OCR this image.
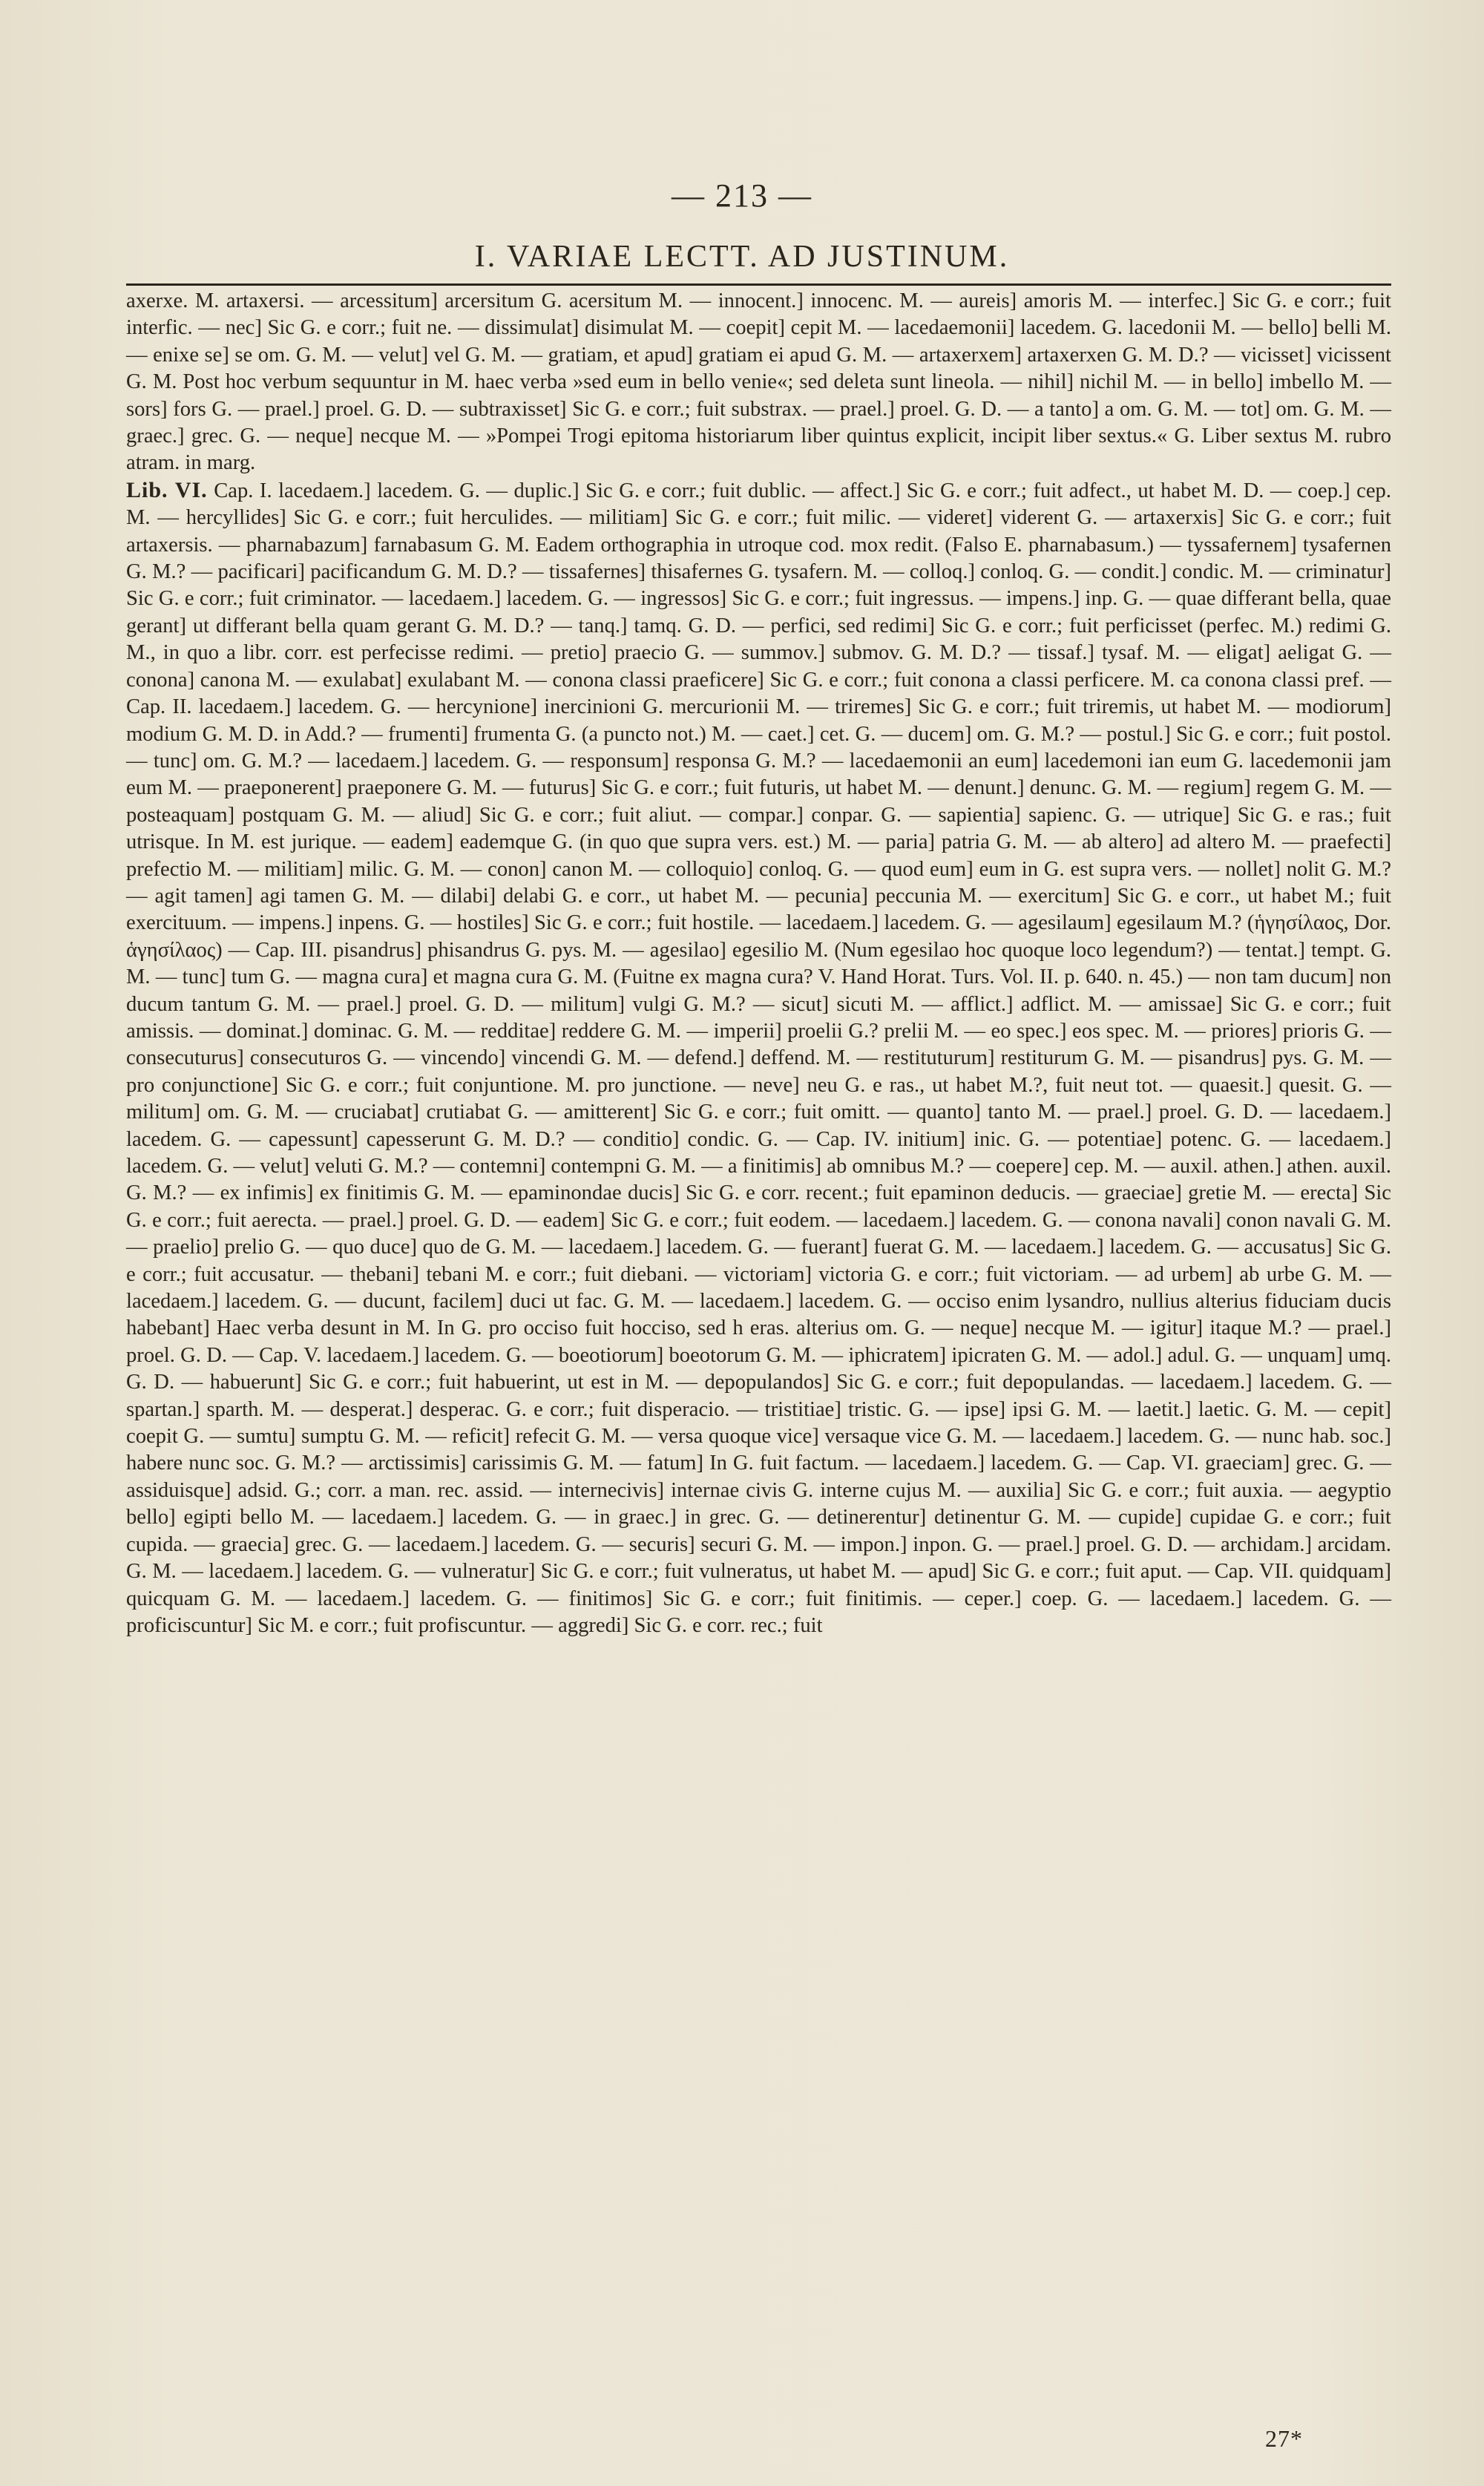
— 213 —
I. VARIAE LECTT. AD JUSTINUM.

axerxe. M. artaxersi. — arcessitum] arcersitum G. acersitum M. — innocent.] innocenc. M. — aureis] amoris M. — interfec.] Sic G. e corr.; fuit interfic. — nec] Sic G. e corr.; fuit ne. — dissimulat] disimulat M. — coepit] cepit M. — lacedaemonii] lacedem. G. lacedonii M. — bello] belli M. — enixe se] se om. G. M. — velut] vel G. M. — gratiam, et apud] gratiam ei apud G. M. — artaxerxem] artaxerxen G. M. D.? — vicisset] vicissent G. M. Post hoc verbum sequuntur in M. haec verba »sed eum in bello venie«; sed deleta sunt lineola. — nihil] nichil M. — in bello] imbello M. — sors] fors G. — prael.] proel. G. D. — subtraxisset] Sic G. e corr.; fuit substrax. — prael.] proel. G. D. — a tanto] a om. G. M. — tot] om. G. M. — graec.] grec. G. — neque] necque M. — »Pompei Trogi epitoma historiarum liber quintus explicit, incipit liber sextus.« G. Liber sextus M. rubro atram. in marg.

Lib. VI. Cap. I. lacedaem.] lacedem. G. — duplic.] Sic G. e corr.; fuit dublic. — affect.] Sic G. e corr.; fuit adfect., ut habet M. D. — coep.] cep. M. — hercyllides] Sic G. e corr.; fuit herculides. — militiam] Sic G. e corr.; fuit milic. — videret] viderent G. — artaxerxis] Sic G. e corr.; fuit artaxersis. — pharnabazum] farnabasum G. M. Eadem orthographia in utroque cod. mox redit. (Falso E. pharnabasum.) — tyssafernem] tysafernen G. M.? — pacificari] pacificandum G. M. D.? — tissafernes] thisafernes G. tysafern. M. — colloq.] conloq. G. — condit.] condic. M. — criminatur] Sic G. e corr.; fuit criminator. — lacedaem.] lacedem. G. — ingressos] Sic G. e corr.; fuit ingressus. — impens.] inp. G. — quae differant bella, quae gerant] ut differant bella quam gerant G. M. D.? — tanq.] tamq. G. D. — perfici, sed redimi] Sic G. e corr.; fuit perficisset (perfec. M.) redimi G. M., in quo a libr. corr. est perfecisse redimi. — pretio] praecio G. — summov.] submov. G. M. D.? — tissaf.] tysaf. M. — eligat] aeligat G. — conona] canona M. — exulabat] exulabant M. — conona classi praeficere] Sic G. e corr.; fuit conona a classi perficere. M. ca conona classi pref. — Cap. II. lacedaem.] lacedem. G. — hercynione] inercinioni G. mercurionii M. — triremes] Sic G. e corr.; fuit triremis, ut habet M. — modiorum] modium G. M. D. in Add.? — frumenti] frumenta G. (a puncto not.) M. — caet.] cet. G. — ducem] om. G. M.? — postul.] Sic G. e corr.; fuit postol. — tunc] om. G. M.? — lacedaem.] lacedem. G. — responsum] responsa G. M.? — lacedaemonii an eum] lacedemoni ian eum G. lacedemonii jam eum M. — praeponerent] praeponere G. M. — futurus] Sic G. e corr.; fuit futuris, ut habet M. — denunt.] denunc. G. M. — regium] regem G. M. — posteaquam] postquam G. M. — aliud] Sic G. e corr.; fuit aliut. — compar.] conpar. G. — sapientia] sapienc. G. — utrique] Sic G. e ras.; fuit utrisque. In M. est jurique. — eadem] eademque G. (in quo que supra vers. est.) M. — paria] patria G. M. — ab altero] ad altero M. — praefecti] prefectio M. — militiam] milic. G. M. — conon] canon M. — colloquio] conloq. G. — quod eum] eum in G. est supra vers. — nollet] nolit G. M.? — agit tamen] agi tamen G. M. — dilabi] delabi G. e corr., ut habet M. — pecunia] peccunia M. — exercitum] Sic G. e corr., ut habet M.; fuit exercituum. — impens.] inpens. G. — hostiles] Sic G. e corr.; fuit hostile. — lacedaem.] lacedem. G. — agesilaum] egesilaum M.? (ἡγησίλαος, Dor. ἁγησίλαος) — Cap. III. pisandrus] phisandrus G. pys. M. — agesilao] egesilio M. (Num egesilao hoc quoque loco legendum?) — tentat.] tempt. G. M. — tunc] tum G. — magna cura] et magna cura G. M. (Fuitne ex magna cura? V. Hand Horat. Turs. Vol. II. p. 640. n. 45.) — non tam ducum] non ducum tantum G. M. — prael.] proel. G. D. — militum] vulgi G. M.? — sicut] sicuti M. — afflict.] adflict. M. — amissae] Sic G. e corr.; fuit amissis. — dominat.] dominac. G. M. — redditae] reddere G. M. — imperii] proelii G.? prelii M. — eo spec.] eos spec. M. — priores] prioris G. — consecuturus] consecuturos G. — vincendo] vincendi G. M. — defend.] deffend. M. — restituturum] restiturum G. M. — pisandrus] pys. G. M. — pro conjunctione] Sic G. e corr.; fuit conjuntione. M. pro junctione. — neve] neu G. e ras., ut habet M.?, fuit neut tot. — quaesit.] quesit. G. — militum] om. G. M. — cruciabat] crutiabat G. — amitterent] Sic G. e corr.; fuit omitt. — quanto] tanto M. — prael.] proel. G. D. — lacedaem.] lacedem. G. — capessunt] capesserunt G. M. D.? — conditio] condic. G. — Cap. IV. initium] inic. G. — potentiae] potenc. G. — lacedaem.] lacedem. G. — velut] veluti G. M.? — contemni] contempni G. M. — a finitimis] ab omnibus M.? — coepere] cep. M. — auxil. athen.] athen. auxil. G. M.? — ex infimis] ex finitimis G. M. — epaminondae ducis] Sic G. e corr. recent.; fuit epaminon deducis. — graeciae] gretie M. — erecta] Sic G. e corr.; fuit aerecta. — prael.] proel. G. D. — eadem] Sic G. e corr.; fuit eodem. — lacedaem.] lacedem. G. — conona navali] conon navali G. M. — praelio] prelio G. — quo duce] quo de G. M. — lacedaem.] lacedem. G. — fuerant] fuerat G. M. — lacedaem.] lacedem. G. — accusatus] Sic G. e corr.; fuit accusatur. — thebani] tebani M. e corr.; fuit diebani. — victoriam] victoria G. e corr.; fuit victoriam. — ad urbem] ab urbe G. M. — lacedaem.] lacedem. G. — ducunt, facilem] duci ut fac. G. M. — lacedaem.] lacedem. G. — occiso enim lysandro, nullius alterius fiduciam ducis habebant] Haec verba desunt in M. In G. pro occiso fuit hocciso, sed h eras. alterius om. G. — neque] necque M. — igitur] itaque M.? — prael.] proel. G. D. — Cap. V. lacedaem.] lacedem. G. — boeotiorum] boeotorum G. M. — iphicratem] ipicraten G. M. — adol.] adul. G. — unquam] umq. G. D. — habuerunt] Sic G. e corr.; fuit habuerint, ut est in M. — depopulandos] Sic G. e corr.; fuit depopulandas. — lacedaem.] lacedem. G. — spartan.] sparth. M. — desperat.] desperac. G. e corr.; fuit disperacio. — tristitiae] tristic. G. — ipse] ipsi G. M. — laetit.] laetic. G. M. — cepit] coepit G. — sumtu] sumptu G. M. — reficit] refecit G. M. — versa quoque vice] versaque vice G. M. — lacedaem.] lacedem. G. — nunc hab. soc.] habere nunc soc. G. M.? — arctissimis] carissimis G. M. — fatum] In G. fuit factum. — lacedaem.] lacedem. G. — Cap. VI. graeciam] grec. G. — assiduisque] adsid. G.; corr. a man. rec. assid. — internecivis] internae civis G. interne cujus M. — auxilia] Sic G. e corr.; fuit auxia. — aegyptio bello] egipti bello M. — lacedaem.] lacedem. G. — in graec.] in grec. G. — detinerentur] detinentur G. M. — cupide] cupidae G. e corr.; fuit cupida. — graecia] grec. G. — lacedaem.] lacedem. G. — securis] securi G. M. — impon.] inpon. G. — prael.] proel. G. D. — archidam.] arcidam. G. M. — lacedaem.] lacedem. G. — vulneratur] Sic G. e corr.; fuit vulneratus, ut habet M. — apud] Sic G. e corr.; fuit aput. — Cap. VII. quidquam] quicquam G. M. — lacedaem.] lacedem. G. — finitimos] Sic G. e corr.; fuit finitimis. — ceper.] coep. G. — lacedaem.] lacedem. G. — proficiscuntur] Sic M. e corr.; fuit profiscuntur. — aggredi] Sic G. e corr. rec.; fuit

27*
